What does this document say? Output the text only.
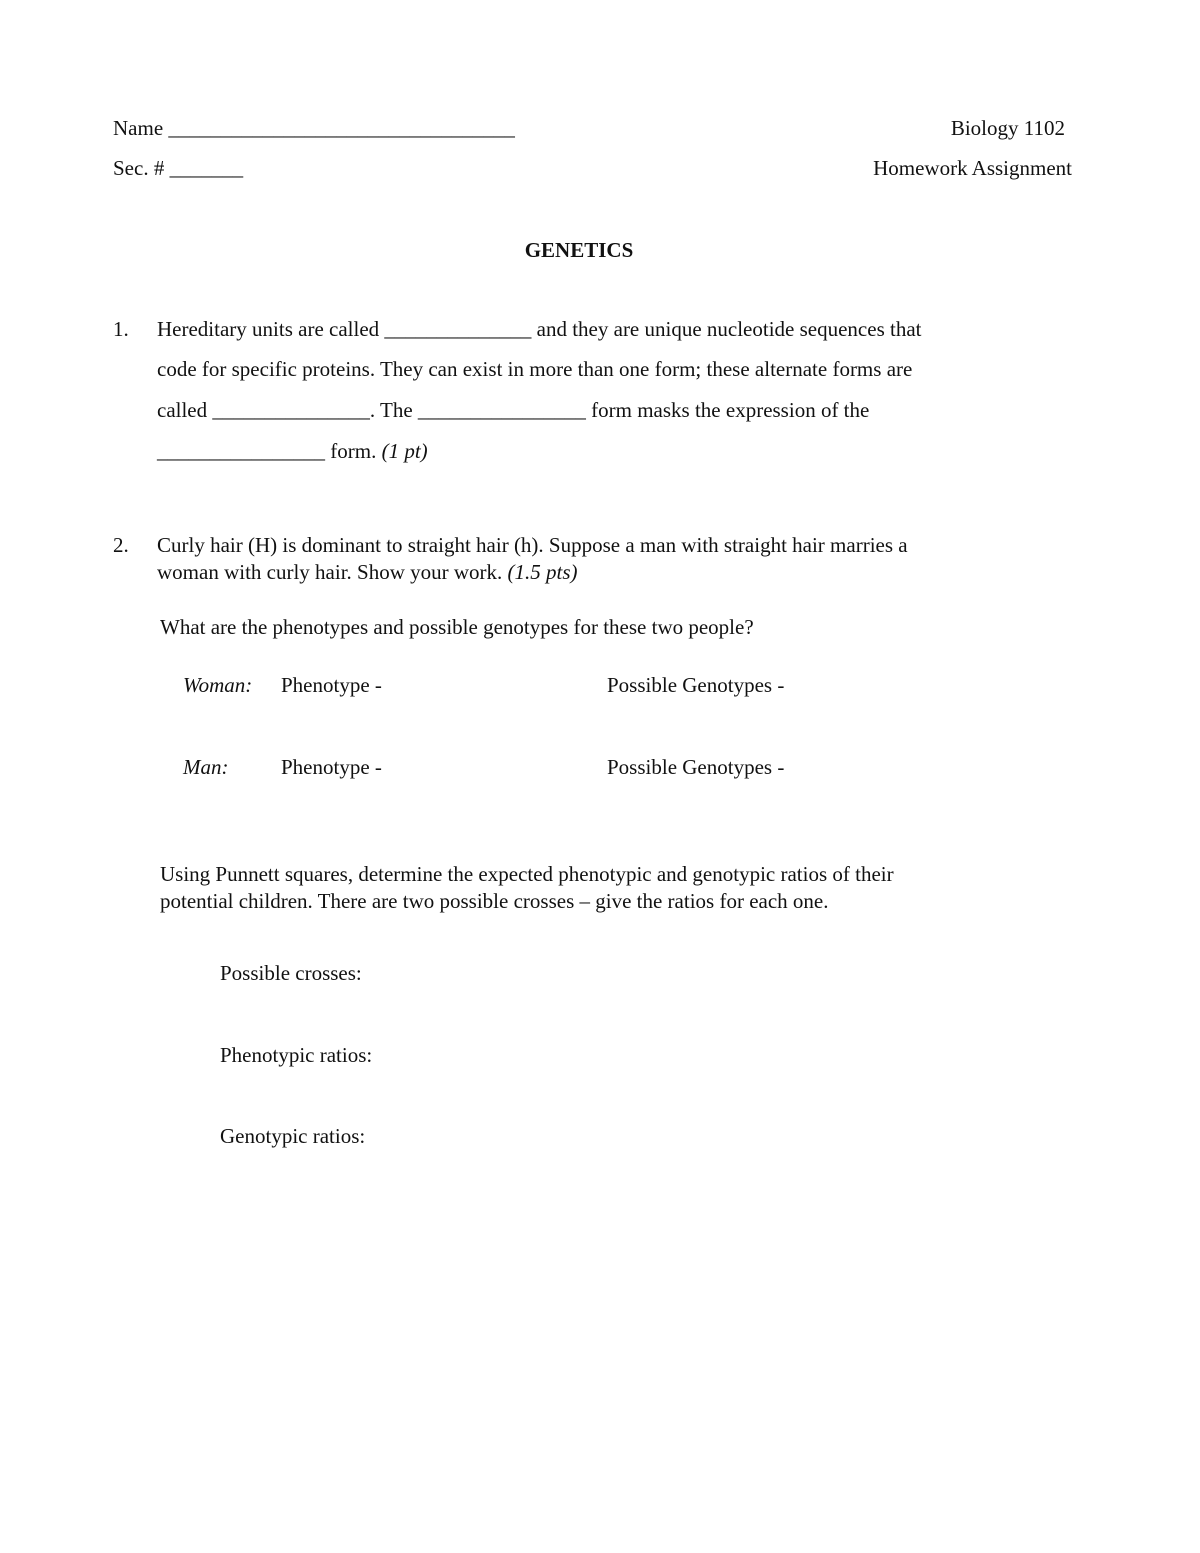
Name _________________________________
Sec. # _______
Biology 1102
Homework Assignment
GENETICS
1. Hereditary units are called ______________ and they are unique nucleotide sequences that
code for specific proteins. They can exist in more than one form; these alternate forms are
called _______________. The ________________ form masks the expression of the
________________ form. (1 pt)
2. Curly hair (H) is dominant to straight hair (h). Suppose a man with straight hair marries a
woman with curly hair. Show your work. (1.5 pts)
What are the phenotypes and possible genotypes for these two people?
Woman: Phenotype -	Possible Genotypes -
Man:	Phenotype -	Possible Genotypes -
Using Punnett squares, determine the expected phenotypic and genotypic ratios of their
potential children. There are two possible crosses – give the ratios for each one.
Possible crosses:
Phenotypic ratios:
Genotypic ratios:
